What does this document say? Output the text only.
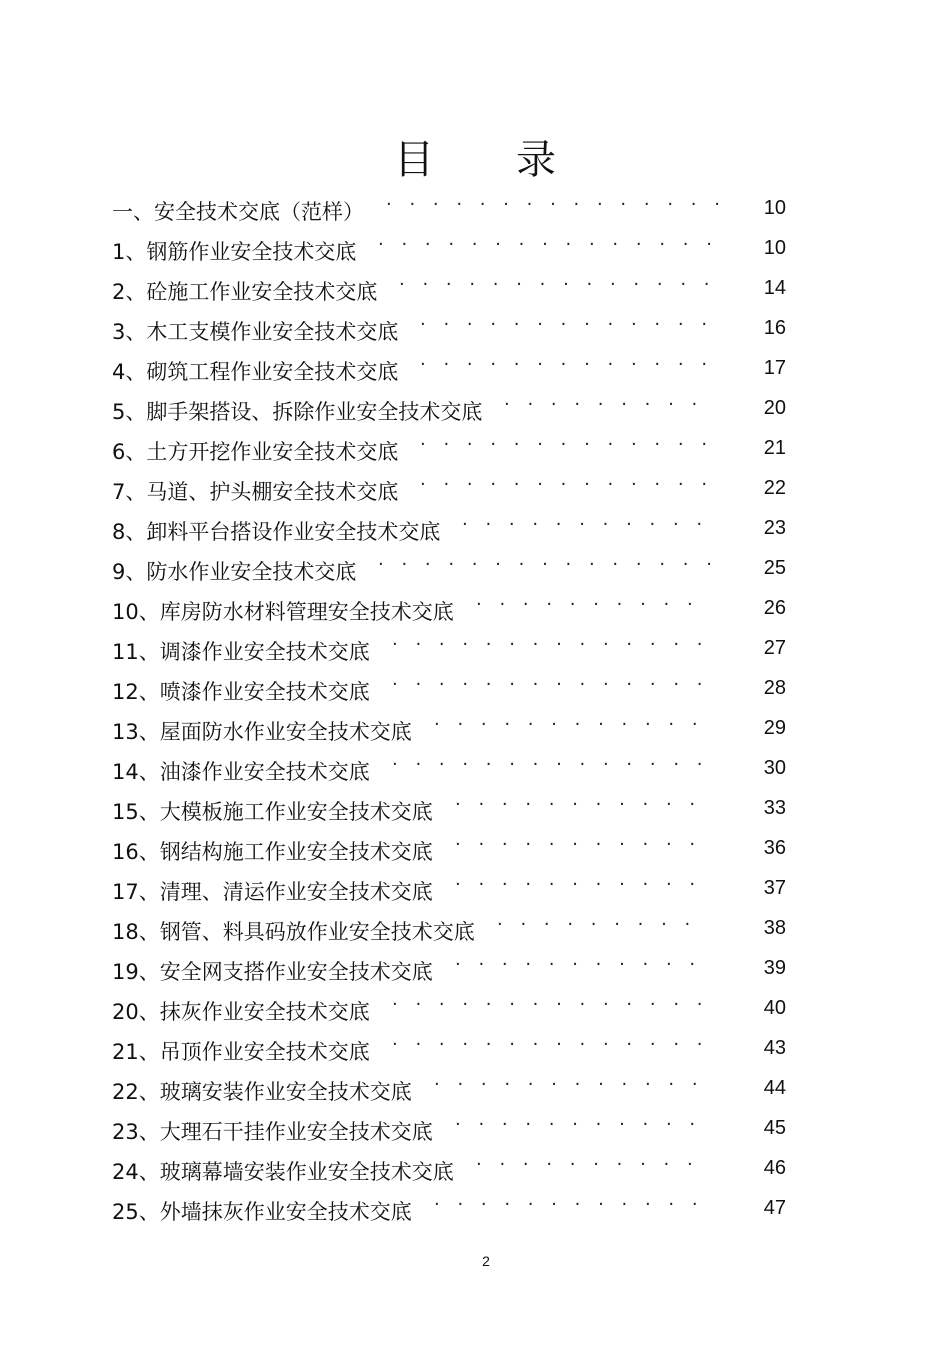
目录
一、安全技术交底（范样） · · · · · · · · · · · · · · · 10
1、钢筋作业安全技术交底 · · · · · · · · · · · · · · · 10
2、砼施工作业安全技术交底 · · · · · · · · · · · · · · 14
3、木工支模作业安全技术交底 · · · · · · · · · · · · ·	16
4、砌筑工程作业安全技术交底 · · · · · · · · · · · · ·	17
5、脚手架搭设、拆除作业安全技术交底 · · · · · · · · ·	20
6、土方开挖作业安全技术交底 · · · · · · · · · · · · ·	21
7、马道、护头棚安全技术交底 · · · · · · · · · · · · ·	22
8、卸料平台搭设作业安全技术交底 · · · · · · · · · · ·	23
9、防水作业安全技术交底 · · · · · · · · · · · · · · · 25
10、库房防水材料管理安全技术交底 · · · · · · · · · ·	26
11、调漆作业安全技术交底 · · · · · · · · · · · · · ·	27
12、喷漆作业安全技术交底 · · · · · · · · · · · · · ·	28
13、屋面防水作业安全技术交底 · · · · · · · · · · · ·	29
14、油漆作业安全技术交底 · · · · · · · · · · · · · ·	30
15、大模板施工作业安全技术交底 · · · · · · · · · · ·	33
16、钢结构施工作业安全技术交底 · · · · · · · · · · ·	36
17、清理、清运作业安全技术交底 · · · · · · · · · · ·	37
18、钢管、料具码放作业安全技术交底 · · · · · · · · ·	38
19、安全网支搭作业安全技术交底 · · · · · · · · · · ·	39
20、抹灰作业安全技术交底 · · · · · · · · · · · · · ·	40
21、吊顶作业安全技术交底 · · · · · · · · · · · · · ·	43
22、玻璃安装作业安全技术交底 · · · · · · · · · · · ·	44
23、大理石干挂作业安全技术交底 · · · · · · · · · · ·	45
24、玻璃幕墙安装作业安全技术交底 · · · · · · · · · ·	46
25、外墙抹灰作业安全技术交底 · · · · · · · · · · · ·	47
2
